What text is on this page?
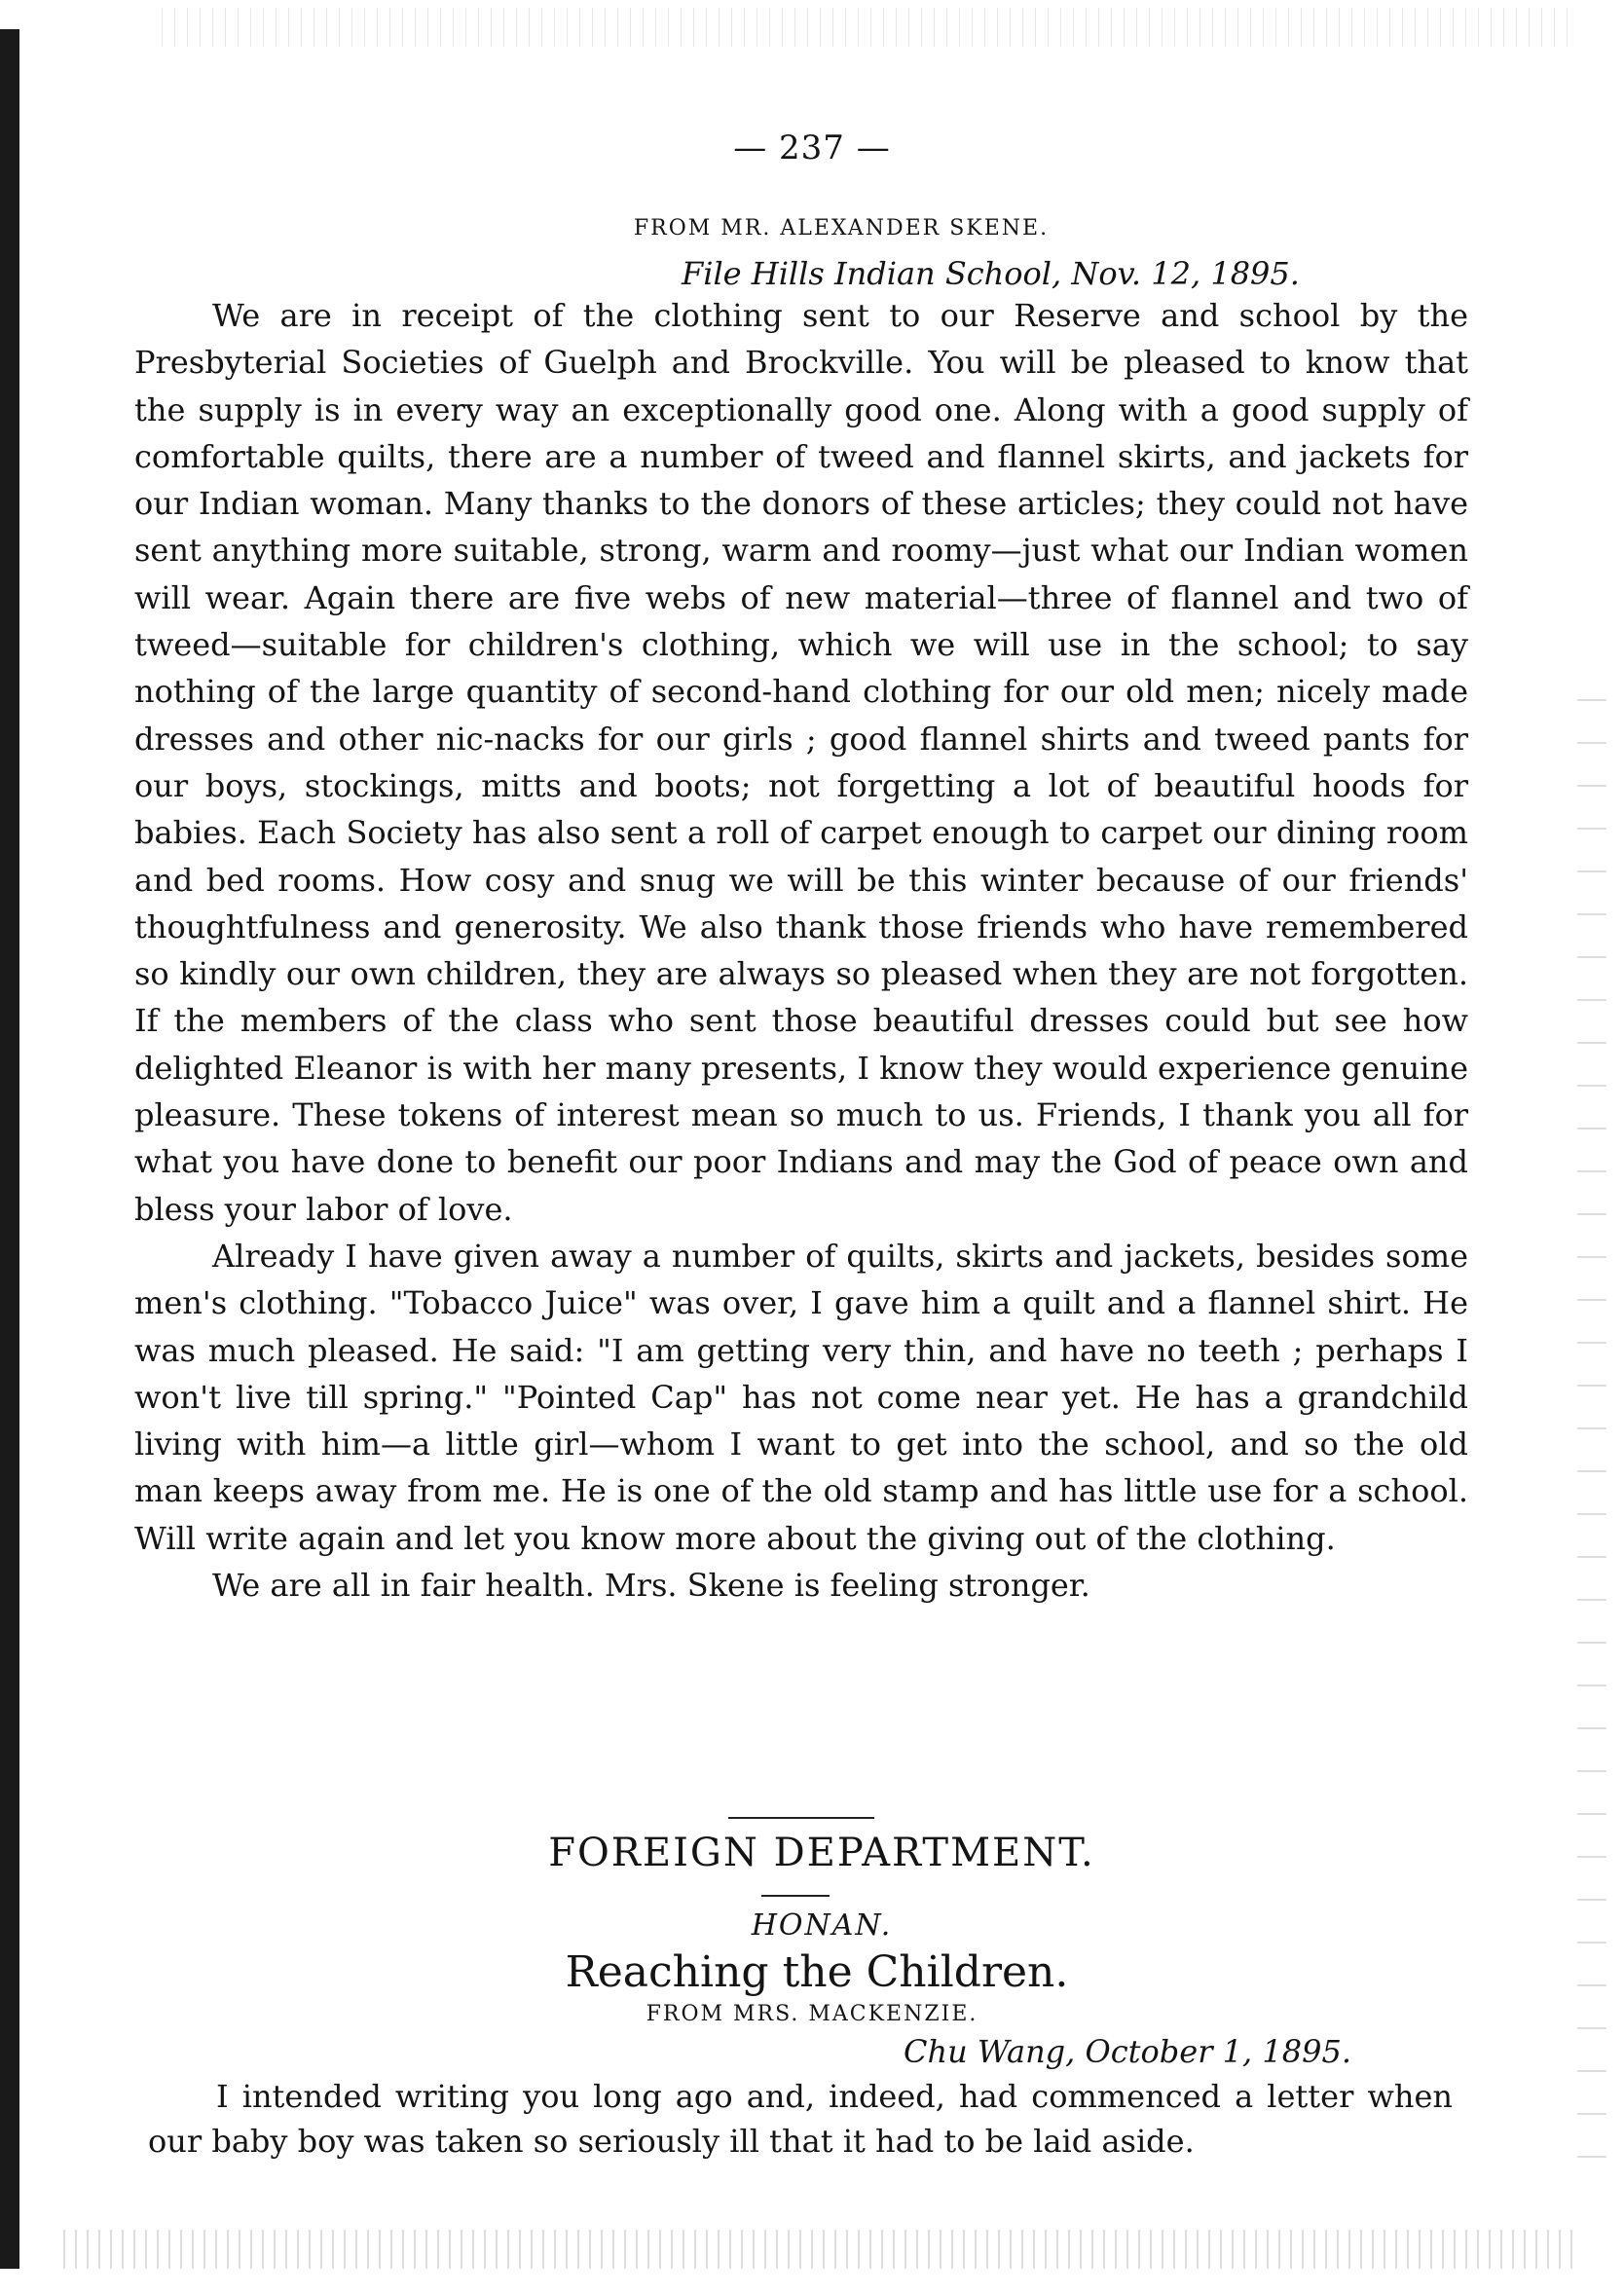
— 237 —
FROM MR. ALEXANDER SKENE.
File Hills Indian School, Nov. 12, 1895.

We are in receipt of the clothing sent to our Reserve and school by the Presbyterial Societies of Guelph and Brockville. You will be pleased to know that the supply is in every way an exceptionally good one. Along with a good supply of comfortable quilts, there are a number of tweed and flannel skirts, and jackets for our Indian woman. Many thanks to the donors of these articles; they could not have sent anything more suitable, strong, warm and roomy—just what our Indian women will wear. Again there are five webs of new material—three of flannel and two of tweed—suitable for children's clothing, which we will use in the school; to say nothing of the large quantity of second-hand clothing for our old men; nicely made dresses and other nic-nacks for our girls ; good flannel shirts and tweed pants for our boys, stockings, mitts and boots; not forgetting a lot of beautiful hoods for babies. Each Society has also sent a roll of carpet enough to carpet our dining room and bed rooms. How cosy and snug we will be this winter because of our friends' thoughtfulness and generosity. We also thank those friends who have remembered so kindly our own children, they are always so pleased when they are not forgotten. If the members of the class who sent those beautiful dresses could but see how delighted Eleanor is with her many presents, I know they would experience genuine pleasure. These tokens of interest mean so much to us. Friends, I thank you all for what you have done to benefit our poor Indians and may the God of peace own and bless your labor of love.

Already I have given away a number of quilts, skirts and jackets, besides some men's clothing. "Tobacco Juice" was over, I gave him a quilt and a flannel shirt. He was much pleased. He said: "I am getting very thin, and have no teeth ; perhaps I won't live till spring." "Pointed Cap" has not come near yet. He has a grandchild living with him—a little girl—whom I want to get into the school, and so the old man keeps away from me. He is one of the old stamp and has little use for a school. Will write again and let you know more about the giving out of the clothing.

We are all in fair health. Mrs. Skene is feeling stronger.

FOREIGN DEPARTMENT.
HONAN.
Reaching the Children.
FROM MRS. MACKENZIE.
Chu Wang, October 1, 1895.

I intended writing you long ago and, indeed, had commenced a letter when our baby boy was taken so seriously ill that it had to be laid aside.
